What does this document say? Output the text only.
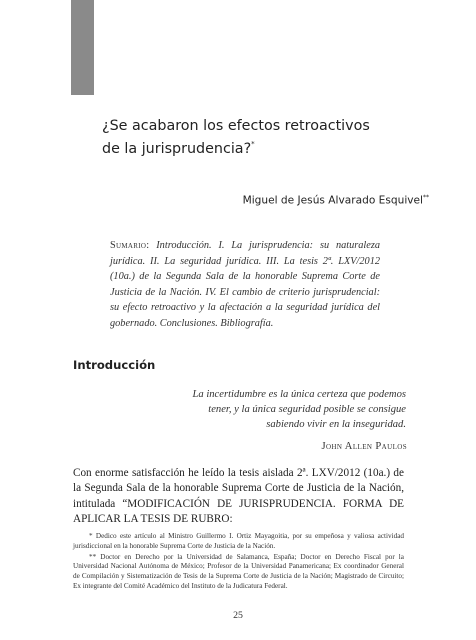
¿Se acabaron los efectos retroactivos
de la jurisprudencia?*
Miguel de Jesús Alvarado Esquivel**
Sumario: Introducción. I. La jurisprudencia: su naturaleza jurídica. II. La seguridad jurídica. III. La tesis 2ª. LXV/2012 (10a.) de la Segunda Sala de la honorable Suprema Corte de Justicia de la Nación. IV. El cambio de criterio jurisprudencial: su efecto retroactivo y la afectación a la seguridad jurídica del gobernado. Conclusiones. Bibliografía.
Introducción
La incertidumbre es la única certeza que podemos
tener, y la única seguridad posible se consigue
sabiendo vivir en la inseguridad.
John Allen Paulos
Con enorme satisfacción he leído la tesis aislada 2ª. LXV/2012 (10a.) de la Segunda Sala de la honorable Suprema Corte de Justicia de la Nación, intitulada “MODIFICACIÓN DE JURISPRUDENCIA. FORMA DE APLICAR LA TESIS DE RUBRO:

* Dedico este artículo al Ministro Guillermo I. Ortiz Mayagoitia, por su empeñosa y valiosa actividad jurisdiccional en la honorable Suprema Corte de Justicia de la Nación.

** Doctor en Derecho por la Universidad de Salamanca, España; Doctor en Derecho Fiscal por la Universidad Nacional Autónoma de México; Profesor de la Universidad Panamericana; Ex coordinador General de Compilación y Sistematización de Tesis de la Suprema Corte de Justicia de la Nación; Magistrado de Circuito; Ex integrante del Comité Académico del Instituto de la Judicatura Federal.

25
